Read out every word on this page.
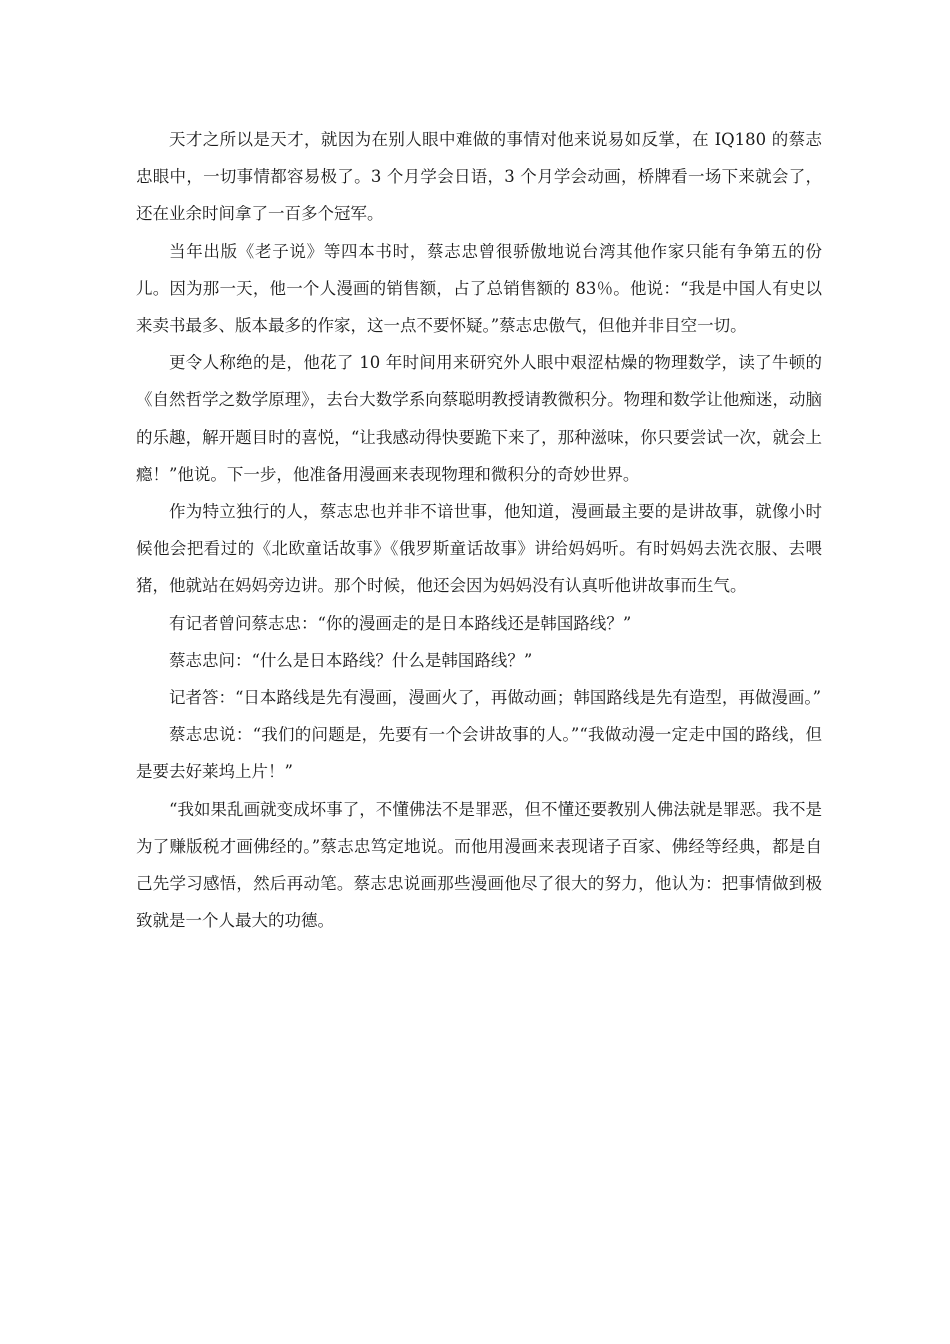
天才之所以是天才，就因为在别人眼中难做的事情对他来说易如反掌，在 IQ180 的蔡志忠眼中，一切事情都容易极了。3 个月学会日语，3 个月学会动画，桥牌看一场下来就会了，还在业余时间拿了一百多个冠军。

当年出版《老子说》等四本书时，蔡志忠曾很骄傲地说台湾其他作家只能有争第五的份儿。因为那一天，他一个人漫画的销售额，占了总销售额的 83％。他说：“我是中国人有史以来卖书最多、版本最多的作家，这一点不要怀疑。”蔡志忠傲气，但他并非目空一切。

更令人称绝的是，他花了 10 年时间用来研究外人眼中艰涩枯燥的物理数学，读了牛顿的《自然哲学之数学原理》，去台大数学系向蔡聪明教授请教微积分。物理和数学让他痴迷，动脑的乐趣，解开题目时的喜悦，“让我感动得快要跪下来了，那种滋味，你只要尝试一次，就会上瘾！”他说。下一步，他准备用漫画来表现物理和微积分的奇妙世界。

作为特立独行的人，蔡志忠也并非不谙世事，他知道，漫画最主要的是讲故事，就像小时候他会把看过的《北欧童话故事》《俄罗斯童话故事》讲给妈妈听。有时妈妈去洗衣服、去喂猪，他就站在妈妈旁边讲。那个时候，他还会因为妈妈没有认真听他讲故事而生气。

有记者曾问蔡志忠：“你的漫画走的是日本路线还是韩国路线？”

蔡志忠问：“什么是日本路线？什么是韩国路线？”

记者答：“日本路线是先有漫画，漫画火了，再做动画；韩国路线是先有造型，再做漫画。”

蔡志忠说：“我们的问题是，先要有一个会讲故事的人。”“我做动漫一定走中国的路线，但是要去好莱坞上片！”

“我如果乱画就变成坏事了，不懂佛法不是罪恶，但不懂还要教别人佛法就是罪恶。我不是为了赚版税才画佛经的。”蔡志忠笃定地说。而他用漫画来表现诸子百家、佛经等经典，都是自己先学习感悟，然后再动笔。蔡志忠说画那些漫画他尽了很大的努力，他认为：把事情做到极致就是一个人最大的功德。
